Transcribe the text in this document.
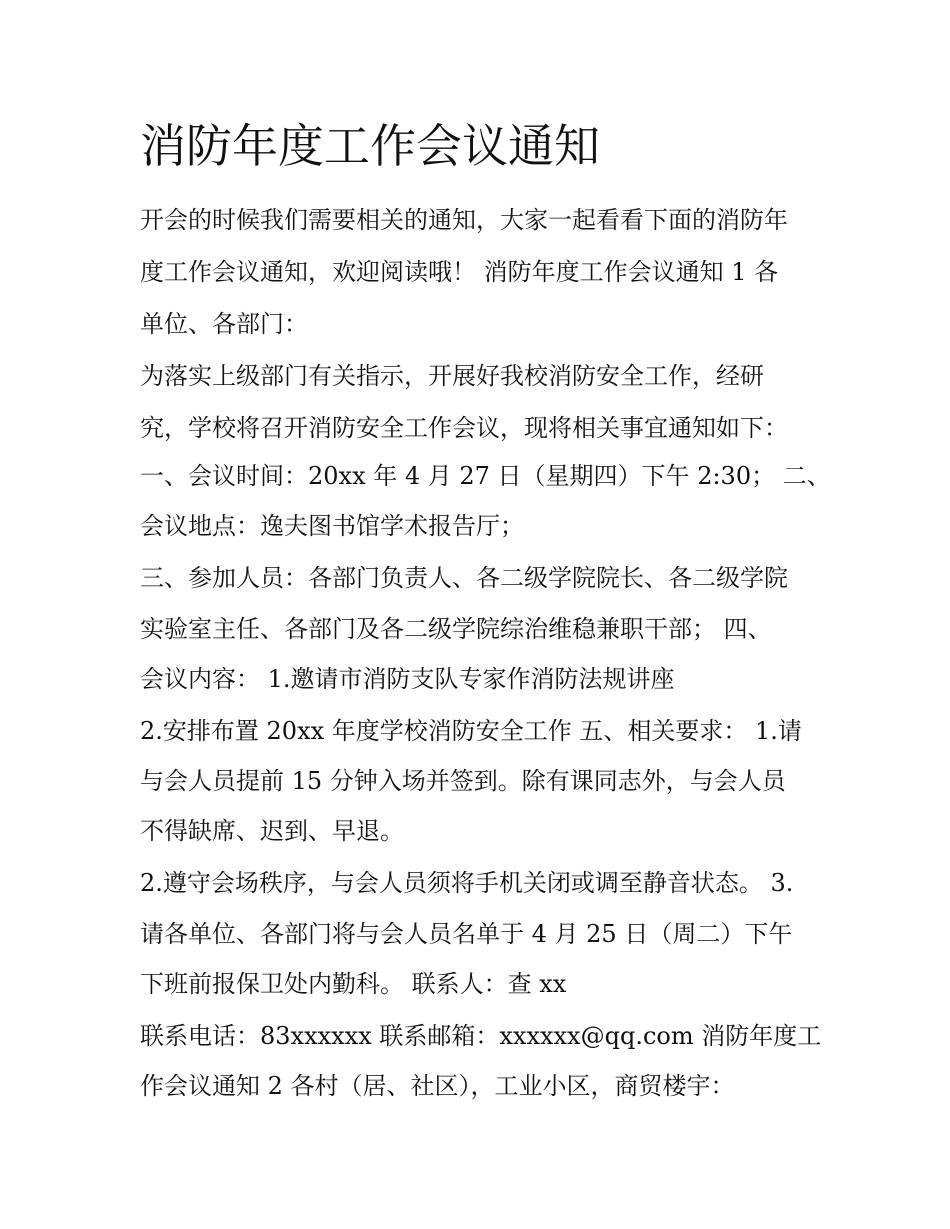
消防年度工作会议通知

开会的时候我们需要相关的通知，大家一起看看下面的消防年

度工作会议通知，欢迎阅读哦！ 消防年度工作会议通知 1 各

单位、各部门：

为落实上级部门有关指示，开展好我校消防安全工作，经研

究，学校将召开消防安全工作会议，现将相关事宜通知如下：

一、会议时间：20xx 年 4 月 27 日（星期四）下午 2:30； 二、

会议地点：逸夫图书馆学术报告厅；

三、参加人员：各部门负责人、各二级学院院长、各二级学院

实验室主任、各部门及各二级学院综治维稳兼职干部； 四、

会议内容： 1.邀请市消防支队专家作消防法规讲座

2.安排布置 20xx 年度学校消防安全工作 五、相关要求： 1.请

与会人员提前 15 分钟入场并签到。除有课同志外，与会人员

不得缺席、迟到、早退。

2.遵守会场秩序，与会人员须将手机关闭或调至静音状态。 3.

请各单位、各部门将与会人员名单于 4 月 25 日（周二）下午

下班前报保卫处内勤科。 联系人：查 xx

联系电话：83xxxxxx 联系邮箱：xxxxxx@qq.com 消防年度工

作会议通知 2 各村（居、社区），工业小区，商贸楼宇：
